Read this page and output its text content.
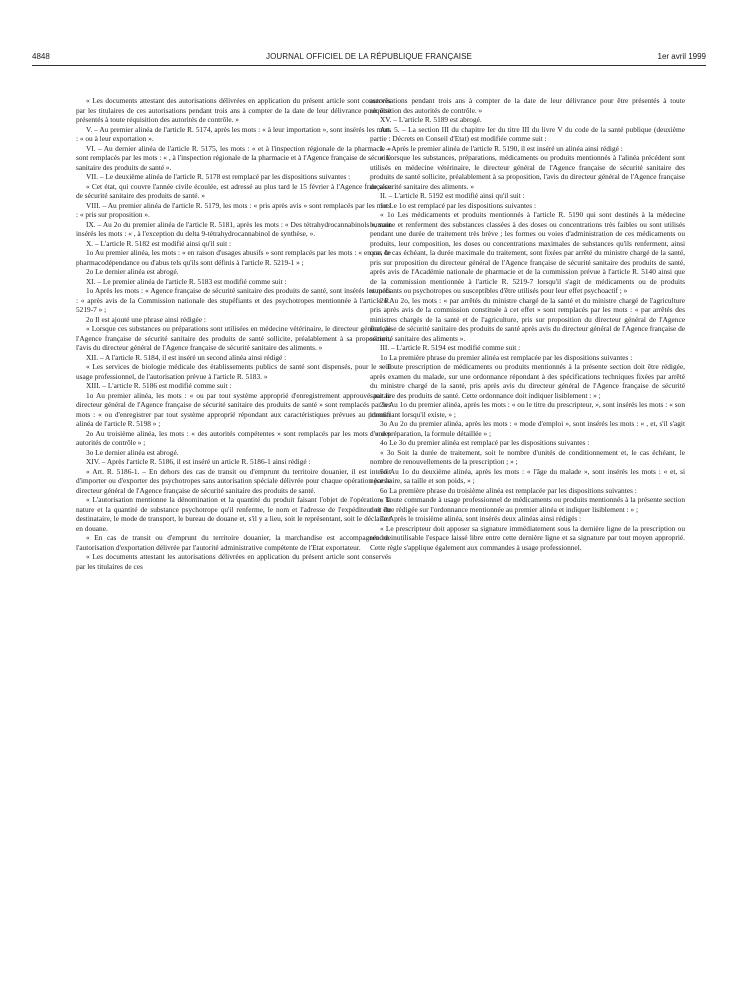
4848	JOURNAL OFFICIEL DE LA RÉPUBLIQUE FRANÇAISE	1er avril 1999

« Les documents attestant des autorisations délivrées en application du présent article sont conservés par les titulaires de ces autorisations pendant trois ans à compter de la date de leur délivrance pour être présentés à toute réquisition des autorités de contrôle. »

V. – Au premier alinéa de l'article R. 5174, après les mots : « à leur importation », sont insérés les mots : « ou à leur exportation ».

VI. – Au dernier alinéa de l'article R. 5175, les mots : « et à l'inspection régionale de la pharmacie » sont remplacés par les mots : « , à l'inspection régionale de la pharmacie et à l'Agence française de sécurité sanitaire des produits de santé ».

VII. – Le deuxième alinéa de l'article R. 5178 est remplacé par les dispositions suivantes :

« Cet état, qui couvre l'année civile écoulée, est adressé au plus tard le 15 février à l'Agence française de sécurité sanitaire des produits de santé. »

VIII. – Au premier alinéa de l'article R. 5179, les mots : « pris après avis » sont remplacés par les mots : « pris sur proposition ».

IX. – Au 2o du premier alinéa de l'article R. 5181, après les mots : « Des tétrahydrocannabinols », sont insérés les mots : « , à l'exception du delta 9-tétrahydrocannabinol de synthèse, ».

X. – L'article R. 5182 est modifié ainsi qu'il suit :

1o Au premier alinéa, les mots : « en raison d'usages abusifs » sont remplacés par les mots : « en cas de pharmacodépendance ou d'abus tels qu'ils sont définis à l'article R. 5219-1 » ;

2o Le dernier alinéa est abrogé.

XI. – Le premier alinéa de l'article R. 5183 est modifié comme suit :

1o Après les mots : « Agence française de sécurité sanitaire des produits de santé, sont insérés les mots : « après avis de la Commission nationale des stupéfiants et des psychotropes mentionnée à l'article R. 5219-7 » ;

2o Il est ajouté une phrase ainsi rédigée :

« Lorsque ces substances ou préparations sont utilisées en médecine vétérinaire, le directeur général de l'Agence française de sécurité sanitaire des produits de santé sollicite, préalablement à sa proposition, l'avis du directeur général de l'Agence française de sécurité sanitaire des aliments. »

XII. – A l'article R. 5184, il est inséré un second alinéa ainsi rédigé :

« Les services de biologie médicale des établissements publics de santé sont dispensés, pour le seul usage professionnel, de l'autorisation prévue à l'article R. 5183. »

XIII. – L'article R. 5186 est modifié comme suit :

1o Au premier alinéa, les mots : « ou par tout système approprié d'enregistrement approuvé par le directeur général de l'Agence française de sécurité sanitaire des produits de santé » sont remplacés par les mots : « ou d'enregistrer par tout système approprié répondant aux caractéristiques prévues au premier alinéa de l'article R. 5198 » ;

2o Au troisième alinéa, les mots : « des autorités compétentes » sont remplacés par les mots : « des autorités de contrôle » ;

3o Le dernier alinéa est abrogé.

XIV. – Après l'article R. 5186, il est inséré un article R. 5186-1 ainsi rédigé :

« Art. R. 5186-1. – En dehors des cas de transit ou d'emprunt du territoire douanier, il est interdit d'importer ou d'exporter des psychotropes sans autorisation spéciale délivrée pour chaque opération par le directeur général de l'Agence française de sécurité sanitaire des produits de santé.

« L'autorisation mentionne la dénomination et la quantité du produit faisant l'objet de l'opération, la nature et la quantité de substance psychotrope qu'il renferme, le nom et l'adresse de l'expéditeur et du destinataire, le mode de transport, le bureau de douane et, s'il y a lieu, soit le représentant, soit le déclarant en douane.

« En cas de transit ou d'emprunt du territoire douanier, la marchandise est accompagnée de l'autorisation d'exportation délivrée par l'autorité administrative compétente de l'Etat exportateur.

« Les documents attestant les autorisations délivrées en application du présent article sont conservés par les titulaires de ces

autorisations pendant trois ans à compter de la date de leur délivrance pour être présentés à toute réquisition des autorités de contrôle. »

XV. – L'article R. 5189 est abrogé.

Art. 5. – La section III du chapitre Ier du titre III du livre V du code de la santé publique (deuxième partie : Décrets en Conseil d'Etat) est modifiée comme suit :

I. – Après le premier alinéa de l'article R. 5190, il est inséré un alinéa ainsi rédigé :

« Lorsque les substances, préparations, médicaments ou produits mentionnés à l'alinéa précédent sont utilisés en médecine vétérinaire, le directeur général de l'Agence française de sécurité sanitaire des produits de santé sollicite, préalablement à sa proposition, l'avis du directeur général de l'Agence française de sécurité sanitaire des aliments. »

II. – L'article R. 5192 est modifié ainsi qu'il suit :

1o Le 1o est remplacé par les dispositions suivantes :

« 1o Les médicaments et produits mentionnés à l'article R. 5190 qui sont destinés à la médecine humaine et renferment des substances classées à des doses ou concentrations très faibles ou sont utilisés pendant une durée de traitement très brève ; les formes ou voies d'administration de ces médicaments ou produits, leur composition, les doses ou concentrations maximales de substances qu'ils renferment, ainsi que, le cas échéant, la durée maximale du traitement, sont fixées par arrêté du ministre chargé de la santé, pris sur proposition du directeur général de l'Agence française de sécurité sanitaire des produits de santé, après avis de l'Académie nationale de pharmacie et de la commission prévue à l'article R. 5140 ainsi que de la commission mentionnée à l'article R. 5219-7 lorsqu'il s'agit de médicaments ou de produits stupéfiants ou psychotropes ou susceptibles d'être utilisés pour leur effet psychoactif ; »

2o Au 2o, les mots : « par arrêtés du ministre chargé de la santé et du ministre chargé de l'agriculture pris après avis de la commission constituée à cet effet » sont remplacés par les mots : « par arrêtés des ministres chargés de la santé et de l'agriculture, pris sur proposition du directeur général de l'Agence française de sécurité sanitaire des produits de santé après avis du directeur général de l'Agence française de sécurité sanitaire des aliments ».

III. – L'article R. 5194 est modifié comme suit :

1o La première phrase du premier alinéa est remplacée par les dispositions suivantes :

« Toute prescription de médicaments ou produits mentionnés à la présente section doit être rédigée, après examen du malade, sur une ordonnance répondant à des spécifications techniques fixées par arrêté du ministre chargé de la santé, pris après avis du directeur général de l'Agence française de sécurité sanitaire des produits de santé. Cette ordonnance doit indiquer lisiblement : » ;

2o Au 1o du premier alinéa, après les mots : « ou le titre du prescripteur, », sont insérés les mots : « son identifiant lorsqu'il existe, » ;

3o Au 2o du premier alinéa, après les mots : « mode d'emploi », sont insérés les mots : « , et, s'il s'agit d'une préparation, la formule détaillée » ;

4o Le 3o du premier alinéa est remplacé par les dispositions suivantes :

« 3o Soit la durée de traitement, soit le nombre d'unités de conditionnement et, le cas échéant, le nombre de renouvellements de la prescription ; » ;

5o Au 1o du deuxième alinéa, après les mots : « l'âge du malade », sont insérés les mots : « et, si nécessaire, sa taille et son poids, » ;

6o La première phrase du troisième alinéa est remplacée par les dispositions suivantes :

« Toute commande à usage professionnel de médicaments ou produits mentionnés à la présente section doit être rédigée sur l'ordonnance mentionnée au premier alinéa et indiquer lisiblement : » ;

7o Après le troisième alinéa, sont insérés deux alinéas ainsi rédigés :

« Le prescripteur doit apposer sa signature immédiatement sous la dernière ligne de la prescription ou rendre inutilisable l'espace laissé libre entre cette dernière ligne et sa signature par tout moyen approprié. Cette règle s'applique également aux commandes à usage professionnel.
